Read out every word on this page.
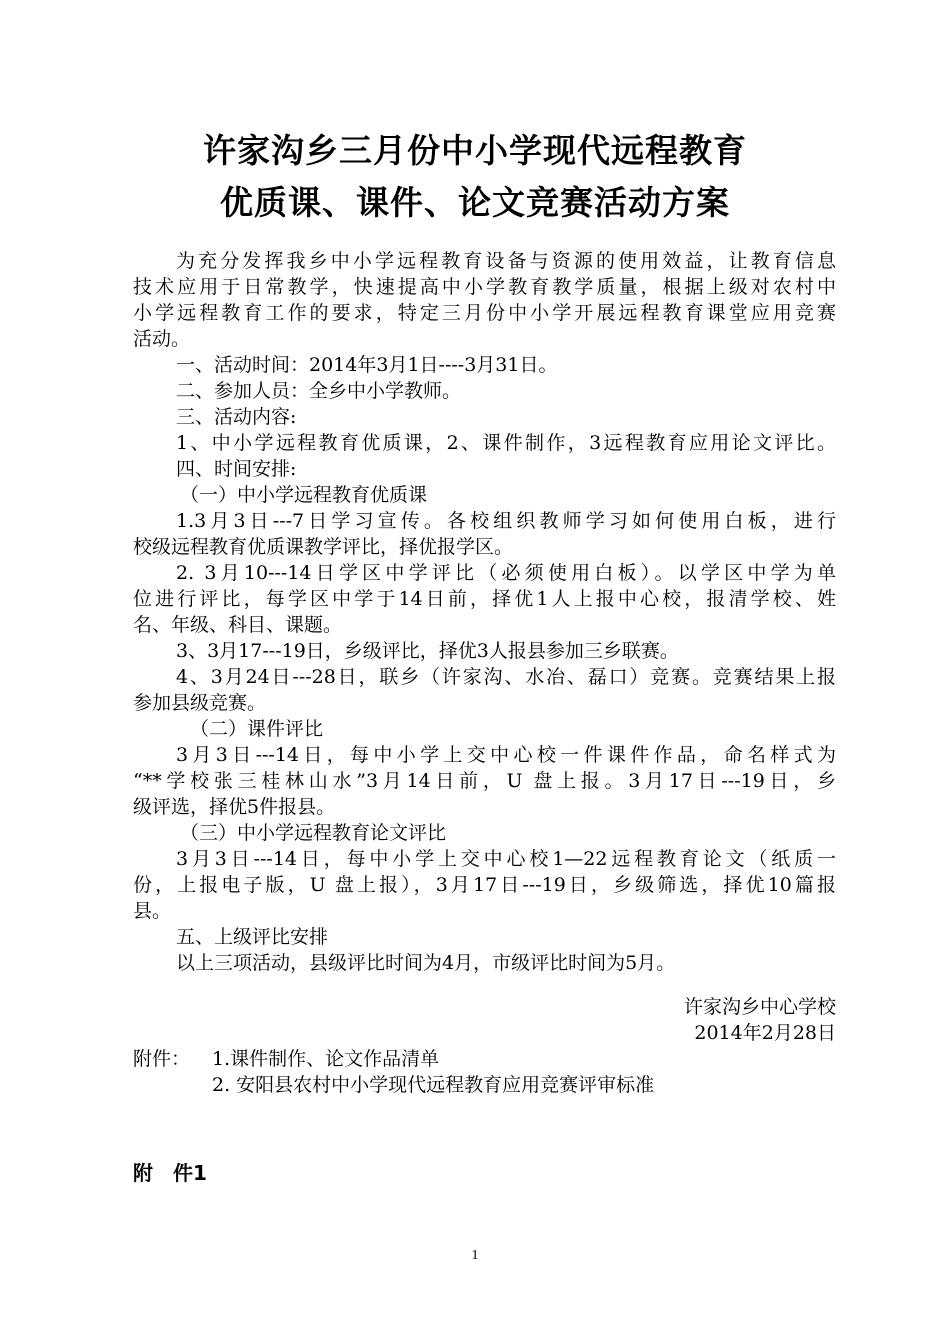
许家沟乡三月份中小学现代远程教育
优质课、课件、论文竞赛活动方案
为充分发挥我乡中小学远程教育设备与资源的使用效益，让教育信息
技术应用于日常教学，快速提高中小学教育教学质量，根据上级对农村中
小学远程教育工作的要求，特定三月份中小学开展远程教育课堂应用竞赛
活动。
一、活动时间：2014年3月1日----3月31日。
二、参加人员：全乡中小学教师。
三、活动内容:
1、中小学远程教育优质课，2、课件制作，3远程教育应用论文评比。
四、时间安排:
（一）中小学远程教育优质课
1.3月3日---7日学习宣传。各校组织教师学习如何使用白板，进行
校级远程教育优质课教学评比，择优报学区。
2. 3月10---14日学区中学评比（必须使用白板）。以学区中学为单
位进行评比，每学区中学于14日前，择优1人上报中心校，报清学校、姓
名、年级、科目、课题。
3、3月17---19日，乡级评比，择优3人报县参加三乡联赛。
4、3月24日---28日，联乡（许家沟、水冶、磊口）竞赛。竞赛结果上报
参加县级竞赛。
（二）课件评比
3月3日---14日，每中小学上交中心校一件课件作品，命名样式为
“**学校张三桂林山水”3月14日前，U 盘上报。3月17日---19日，乡
级评选，择优5件报县。
（三）中小学远程教育论文评比
3月3日---14日，每中小学上交中心校1—22远程教育论文（纸质一
份，上报电子版，U 盘上报），3月17日---19日，乡级筛选，择优10篇报
县。
五、上级评比安排
以上三项活动，县级评比时间为4月，市级评比时间为5月。
许家沟乡中心学校
2014年2月28日
附件： 1.课件制作、论文作品清单
2. 安阳县农村中小学现代远程教育应用竞赛评审标准
附　件1
1
